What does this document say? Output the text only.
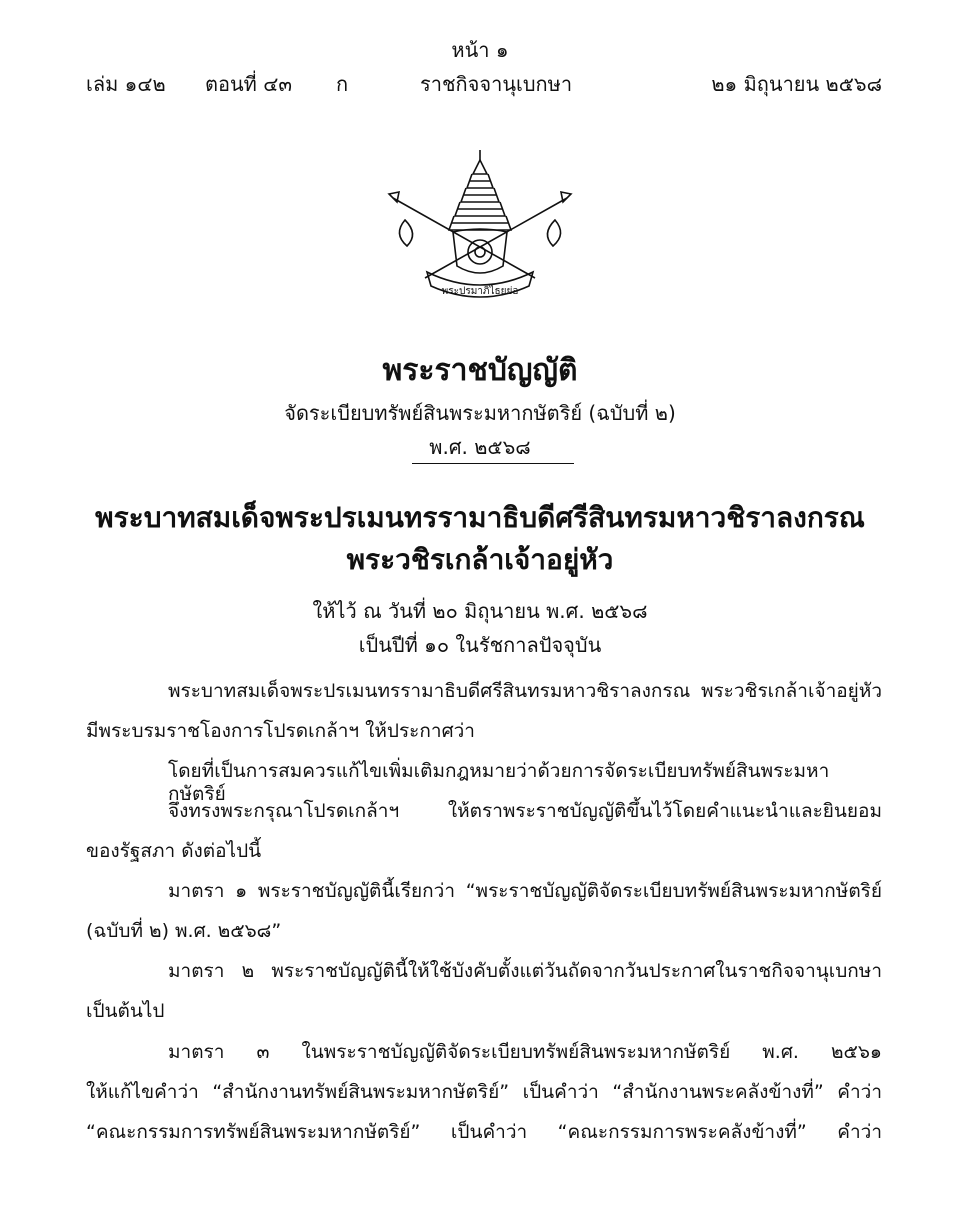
หน้า ๑
เล่ม ๑๔๒ ตอนที่ ๔๓ ก	ราชกิจจานุเบกษา	๒๑ มิถุนายน ๒๕๖๘
พระปรมาภิไธยย่อ
พระราชบัญญัติ
จัดระเบียบทรัพย์สินพระมหากษัตริย์ (ฉบับที่ ๒)
พ.ศ. ๒๕๖๘
พระบาทสมเด็จพระปรเมนทรรามาธิบดีศรีสินทรมหาวชิราลงกรณ
พระวชิรเกล้าเจ้าอยู่หัว
ให้ไว้ ณ วันที่ ๒๐ มิถุนายน พ.ศ. ๒๕๖๘
เป็นปีที่ ๑๐ ในรัชกาลปัจจุบัน
พระบาทสมเด็จพระปรเมนทรรามาธิบดีศรีสินทรมหาวชิราลงกรณ พระวชิรเกล้าเจ้าอยู่หัว
มีพระบรมราชโองการโปรดเกล้าฯ ให้ประกาศว่า
โดยที่เป็นการสมควรแก้ไขเพิ่มเติมกฎหมายว่าด้วยการจัดระเบียบทรัพย์สินพระมหากษัตริย์
จึงทรงพระกรุณาโปรดเกล้าฯ ให้ตราพระราชบัญญัติขึ้นไว้โดยคำแนะนำและยินยอม
ของรัฐสภา ดังต่อไปนี้
มาตรา ๑ พระราชบัญญัตินี้เรียกว่า “พระราชบัญญัติจัดระเบียบทรัพย์สินพระมหากษัตริย์
(ฉบับที่ ๒) พ.ศ. ๒๕๖๘”
มาตรา ๒ พระราชบัญญัตินี้ให้ใช้บังคับตั้งแต่วันถัดจากวันประกาศในราชกิจจานุเบกษา
เป็นต้นไป
มาตรา ๓ ในพระราชบัญญัติจัดระเบียบทรัพย์สินพระมหากษัตริย์ พ.ศ. ๒๕๖๑
ให้แก้ไขคำว่า “สำนักงานทรัพย์สินพระมหากษัตริย์” เป็นคำว่า “สำนักงานพระคลังข้างที่” คำว่า
“คณะกรรมการทรัพย์สินพระมหากษัตริย์” เป็นคำว่า “คณะกรรมการพระคลังข้างที่” คำว่า
